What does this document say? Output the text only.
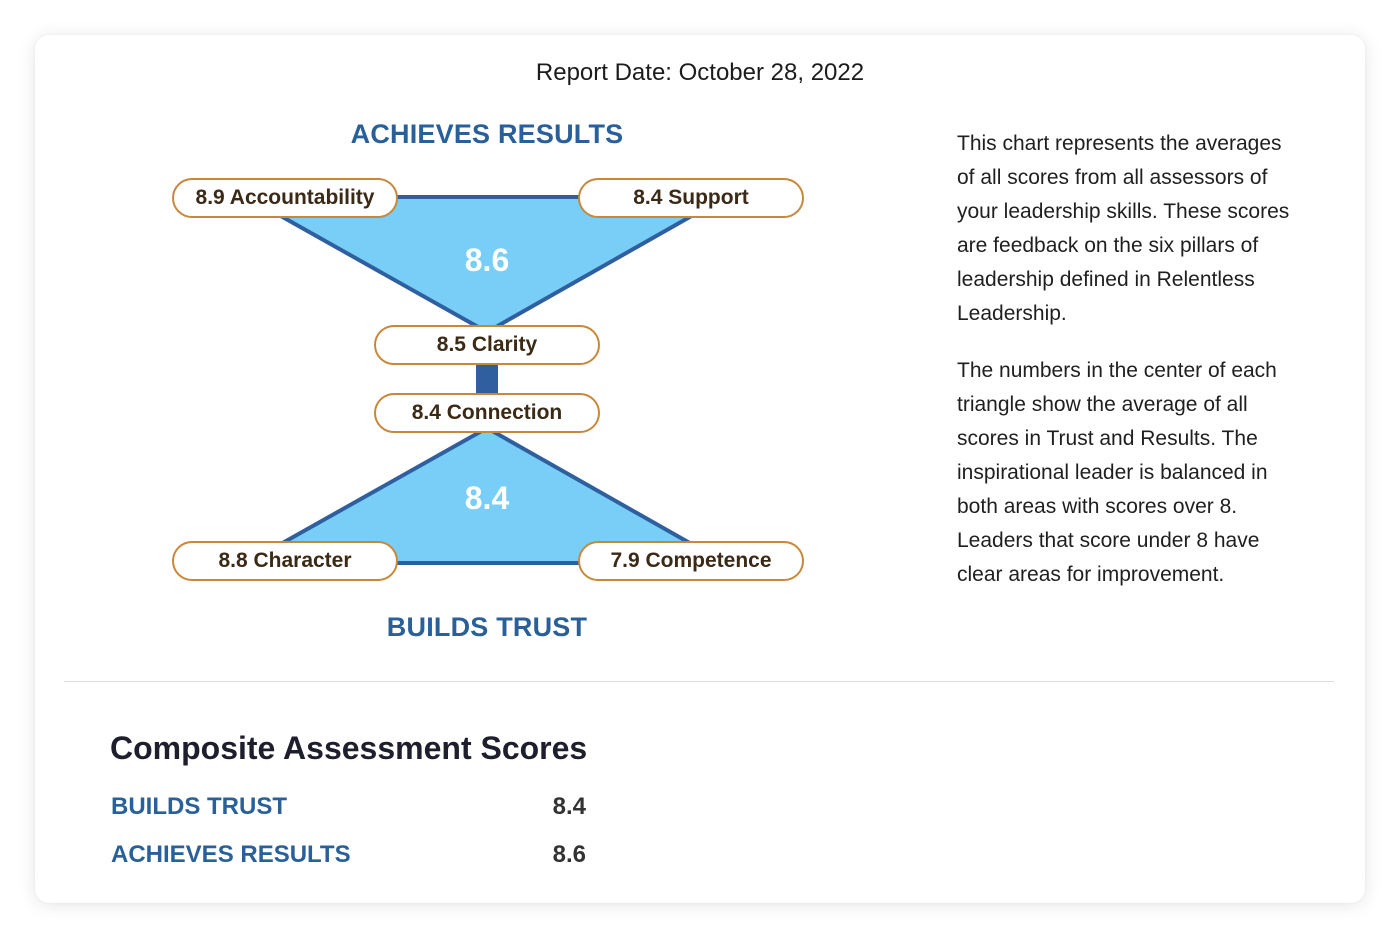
Report Date: October 28, 2022
ACHIEVES RESULTS
BUILDS TRUST
8.6
8.4
8.9 Accountability	8.4 Support
8.5 Clarity
8.4 Connection
8.8 Character	7.9 Competence

This chart represents the averages of all scores from all assessors of your leadership skills. These scores are feedback on the six pillars of leadership defined in Relentless Leadership.

The numbers in the center of each triangle show the average of all scores in Trust and Results. The inspirational leader is balanced in both areas with scores over 8. Leaders that score under 8 have clear areas for improvement.

Composite Assessment Scores
BUILDS TRUST	8.4
ACHIEVES RESULTS	8.6
